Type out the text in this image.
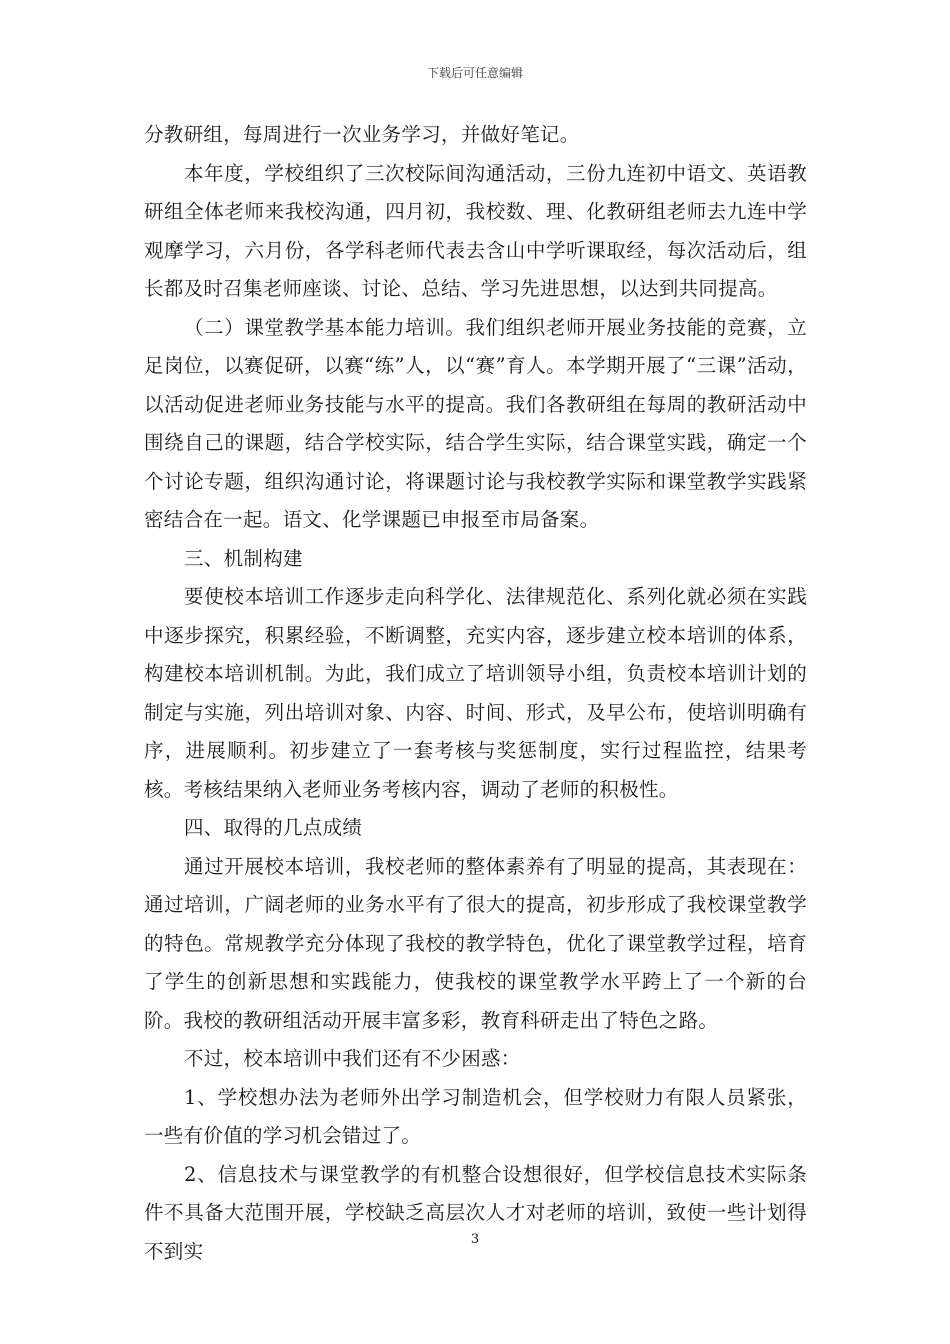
下载后可任意编辑

分教研组，每周进行一次业务学习，并做好笔记。

本年度，学校组织了三次校际间沟通活动，三份九连初中语文、英语教研组全体老师来我校沟通，四月初，我校数、理、化教研组老师去九连中学观摩学习，六月份，各学科老师代表去含山中学听课取经，每次活动后，组长都及时召集老师座谈、讨论、总结、学习先进思想，以达到共同提高。

（二）课堂教学基本能力培训。我们组织老师开展业务技能的竞赛，立足岗位，以赛促研，以赛“练”人，以“赛”育人。本学期开展了“三课”活动，以活动促进老师业务技能与水平的提高。我们各教研组在每周的教研活动中围绕自己的课题，结合学校实际，结合学生实际，结合课堂实践，确定一个个讨论专题，组织沟通讨论，将课题讨论与我校教学实际和课堂教学实践紧密结合在一起。语文、化学课题已申报至市局备案。

三、机制构建

要使校本培训工作逐步走向科学化、法律规范化、系列化就必须在实践中逐步探究，积累经验，不断调整，充实内容，逐步建立校本培训的体系，构建校本培训机制。为此，我们成立了培训领导小组，负责校本培训计划的制定与实施，列出培训对象、内容、时间、形式，及早公布，使培训明确有序，进展顺利。初步建立了一套考核与奖惩制度，实行过程监控，结果考核。考核结果纳入老师业务考核内容，调动了老师的积极性。

四、取得的几点成绩

通过开展校本培训，我校老师的整体素养有了明显的提高，其表现在：通过培训，广阔老师的业务水平有了很大的提高，初步形成了我校课堂教学的特色。常规教学充分体现了我校的教学特色，优化了课堂教学过程，培育了学生的创新思想和实践能力，使我校的课堂教学水平跨上了一个新的台阶。我校的教研组活动开展丰富多彩，教育科研走出了特色之路。

不过，校本培训中我们还有不少困惑：

1、学校想办法为老师外出学习制造机会，但学校财力有限人员紧张，一些有价值的学习机会错过了。

2、信息技术与课堂教学的有机整合设想很好，但学校信息技术实际条件不具备大范围开展，学校缺乏高层次人才对老师的培训，致使一些计划得不到实	3
